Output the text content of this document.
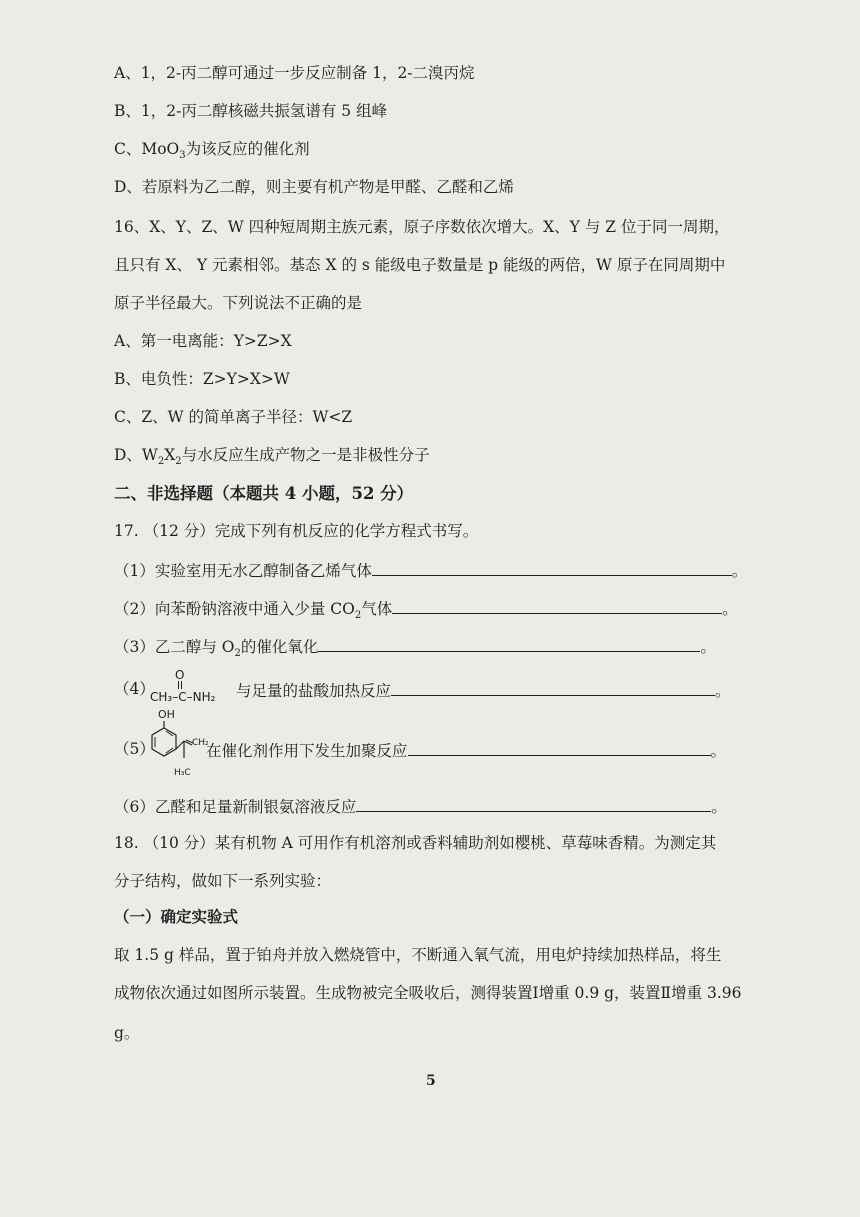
A、1，2-丙二醇可通过一步反应制备 1，2-二溴丙烷
B、1，2-丙二醇核磁共振氢谱有 5 组峰
C、MoO$_3$为该反应的催化剂
D、若原料为乙二醇，则主要有机产物是甲醛、乙醛和乙烯
16、X、Y、Z、W 四种短周期主族元素，原子序数依次增大。X、Y 与 Z 位于同一周期，
且只有 X、 Y 元素相邻。基态 X 的 s 能级电子数量是 p 能级的两倍，W 原子在同周期中
原子半径最大。下列说法不正确的是
A、第一电离能：Y>Z>X
B、电负性：Z>Y>X>W
C、Z、W 的简单离子半径：W<Z
D、$W_2X_2$与水反应生成产物之一是非极性分子
二、非选择题（本题共 4 小题，52 分）
17. （12 分）完成下列有机反应的化学方程式书写。
（1）实验室用无水乙醇制备乙烯气体	。
（2）向苯酚钠溶液中通入少量 $CO_2$气体	。
（3）乙二醇与 $O_2$的催化氧化	。
（4）
O
CH₃–C–NH₂ 与足量的盐酸加热反应	。
（5）
OH
CH₂
H₃C
在催化剂作用下发生加聚反应	。
（6）乙醛和足量新制银氨溶液反应	。
18. （10 分）某有机物 A 可用作有机溶剂或香料辅助剂如樱桃、草莓味香精。为测定其
分子结构，做如下一系列实验：
（一）确定实验式
取 1.5 g 样品，置于铂舟并放入燃烧管中，不断通入氧气流，用电炉持续加热样品，将生
成物依次通过如图所示装置。生成物被完全吸收后，测得装置Ⅰ增重 0.9 g，装置Ⅱ增重 3.96
g。
5
